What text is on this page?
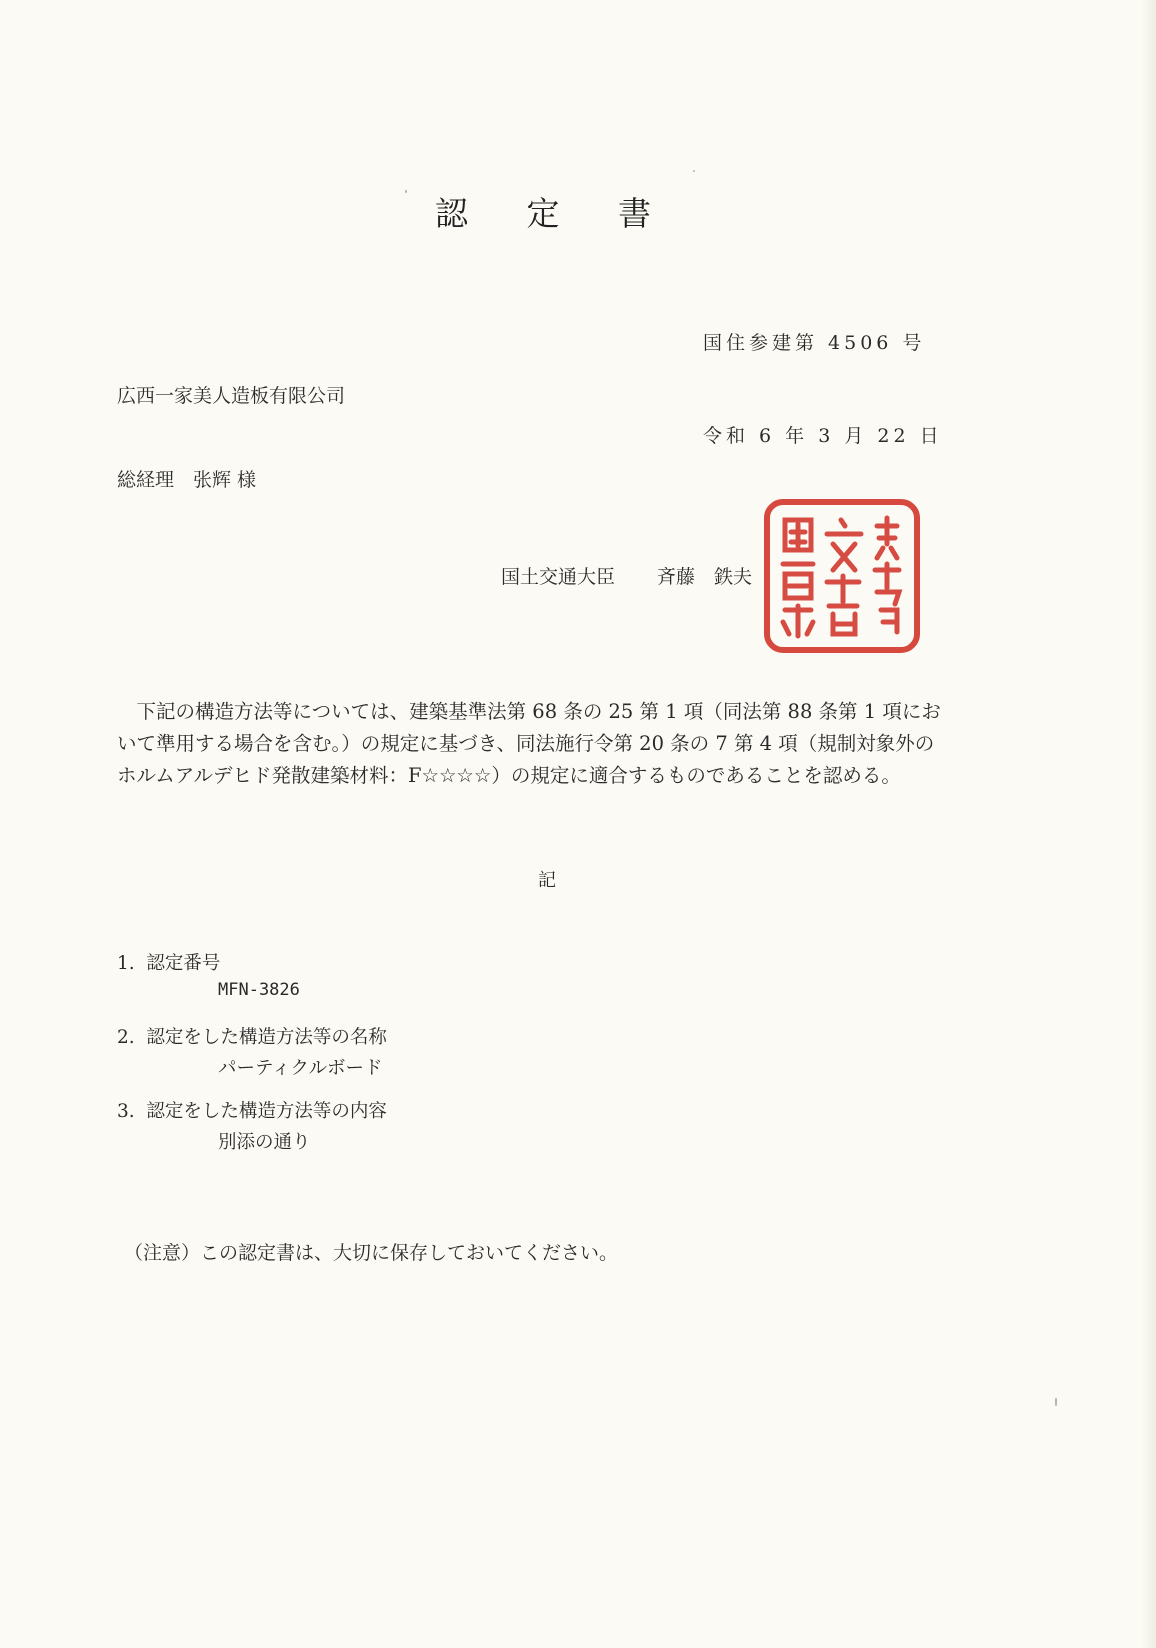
認 定 書

国住参建第 4506 号

令和 6 年 3 月 22 日

広西一家美人造板有限公司

総経理　张辉 様

国土交通大臣 斉藤　鉄夫

　下記の構造方法等については、建築基準法第 68 条の 25 第 1 項（同法第 88 条第 1 項にお

いて準用する場合を含む。）の規定に基づき、同法施行令第 20 条の 7 第 4 項（規制対象外の

ホルムアルデヒド発散建築材料：F☆☆☆☆）の規定に適合するものであることを認める。

記
1.  認定番号
MFN-3826
2.  認定をした構造方法等の名称
パーティクルボード
3.  認定をした構造方法等の内容
別添の通り
（注意）この認定書は、大切に保存しておいてください。
